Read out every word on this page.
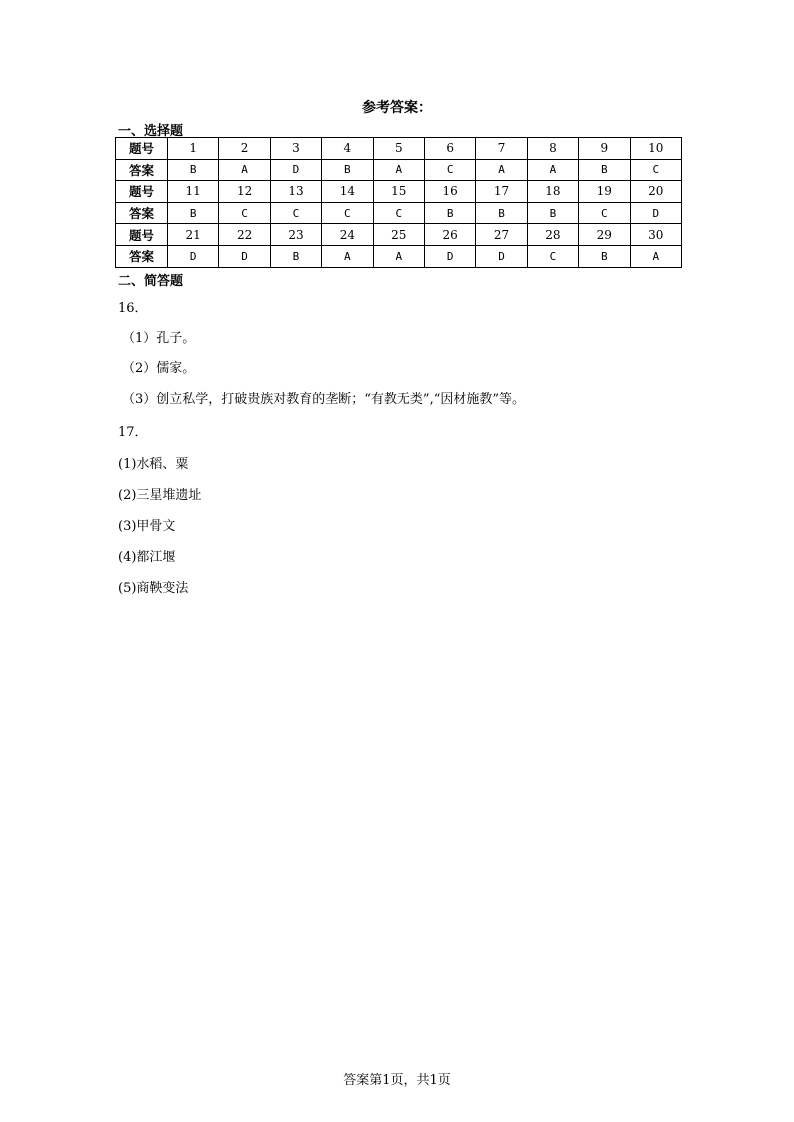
参考答案：
一、选择题
题号	1	2	3	4	5	6	7	8	9	10
答案	B	A	D	B	A	C	A	A	B	C
题号	11	12	13	14	15	16	17	18	19	20
答案	B	C	C	C	C	B	B	B	C	D
题号	21	22	23	24	25	26	27	28	29	30
答案	D	D	B	A	A	D	D	C	B	A
二、简答题
16．
（1）孔子。
（2）儒家。
（3）创立私学，打破贵族对教育的垄断；“有教无类”,“因材施教”等。
17．
(1)水稻、粟
(2)三星堆遗址
(3)甲骨文
(4)都江堰
(5)商鞅变法
答案第1页，共1页
